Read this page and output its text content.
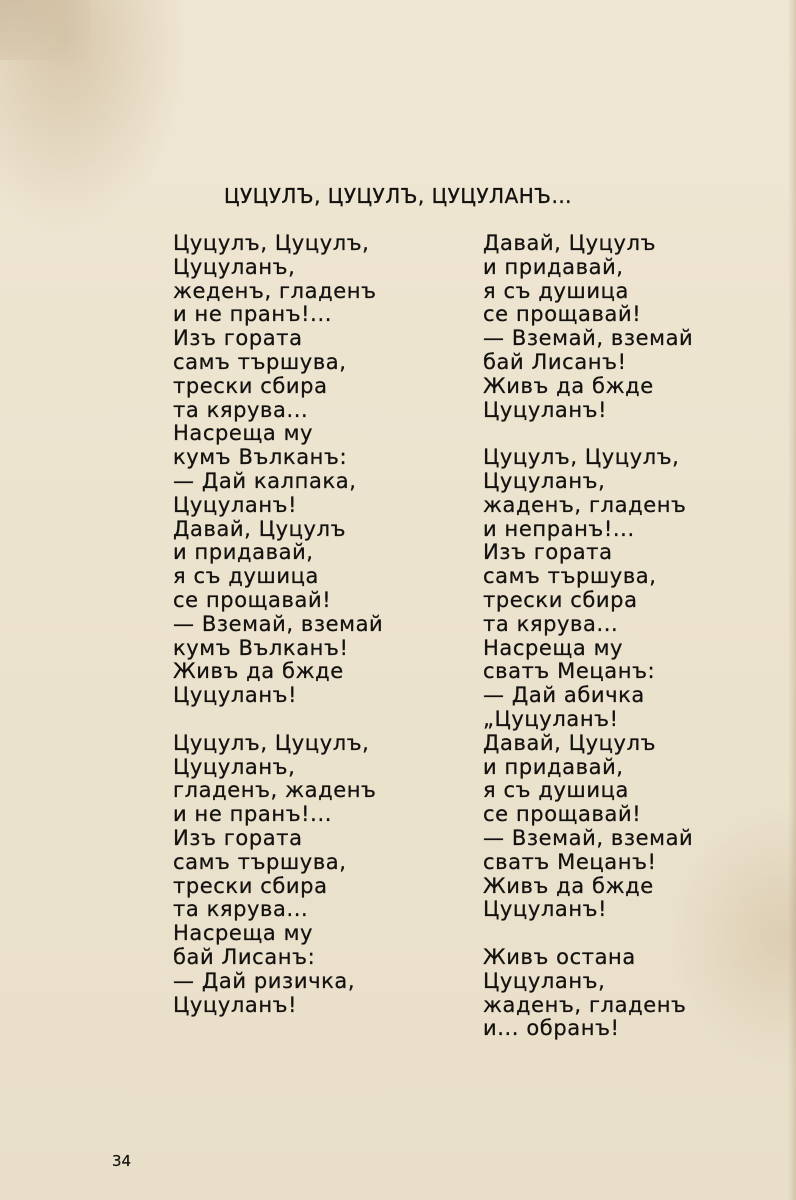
ЦУЦУЛЪ, ЦУЦУЛЪ, ЦУЦУЛАНЪ...
Цуцулъ, Цуцулъ,
Цуцуланъ,
жеденъ, гладенъ
и не пранъ!...
Изъ гората
самъ тършува,
трески сбира
та кярува...
Насреща му
кумъ Вълканъ:
— Дай калпака,
Цуцуланъ!
Давай, Цуцулъ
и придавай,
я съ душица
се прощавай!
— Вземай, вземай
кумъ Вълканъ!
Живъ да бжде
Цуцуланъ!
Цуцулъ, Цуцулъ,
Цуцуланъ,
гладенъ, жаденъ
и не пранъ!...
Изъ гората
самъ тършува,
трески сбира
та кярува...
Насреща му
бай Лисанъ:
— Дай ризичка,
Цуцуланъ!
Давай, Цуцулъ
и придавай,
я съ душица
се прощавай!
— Вземай, вземай
бай Лисанъ!
Живъ да бжде
Цуцуланъ!
Цуцулъ, Цуцулъ,
Цуцуланъ,
жаденъ, гладенъ
и непранъ!...
Изъ гората
самъ тършува,
трески сбира
та кярува...
Насреща му
сватъ Мецанъ:
— Дай абичка
„Цуцуланъ!
Давай, Цуцулъ
и придавай,
я съ душица
се прощавай!
— Вземай, вземай
сватъ Мецанъ!
Живъ да бжде
Цуцуланъ!
Живъ остана
Цуцуланъ,
жаденъ, гладенъ
и... обранъ!
34
